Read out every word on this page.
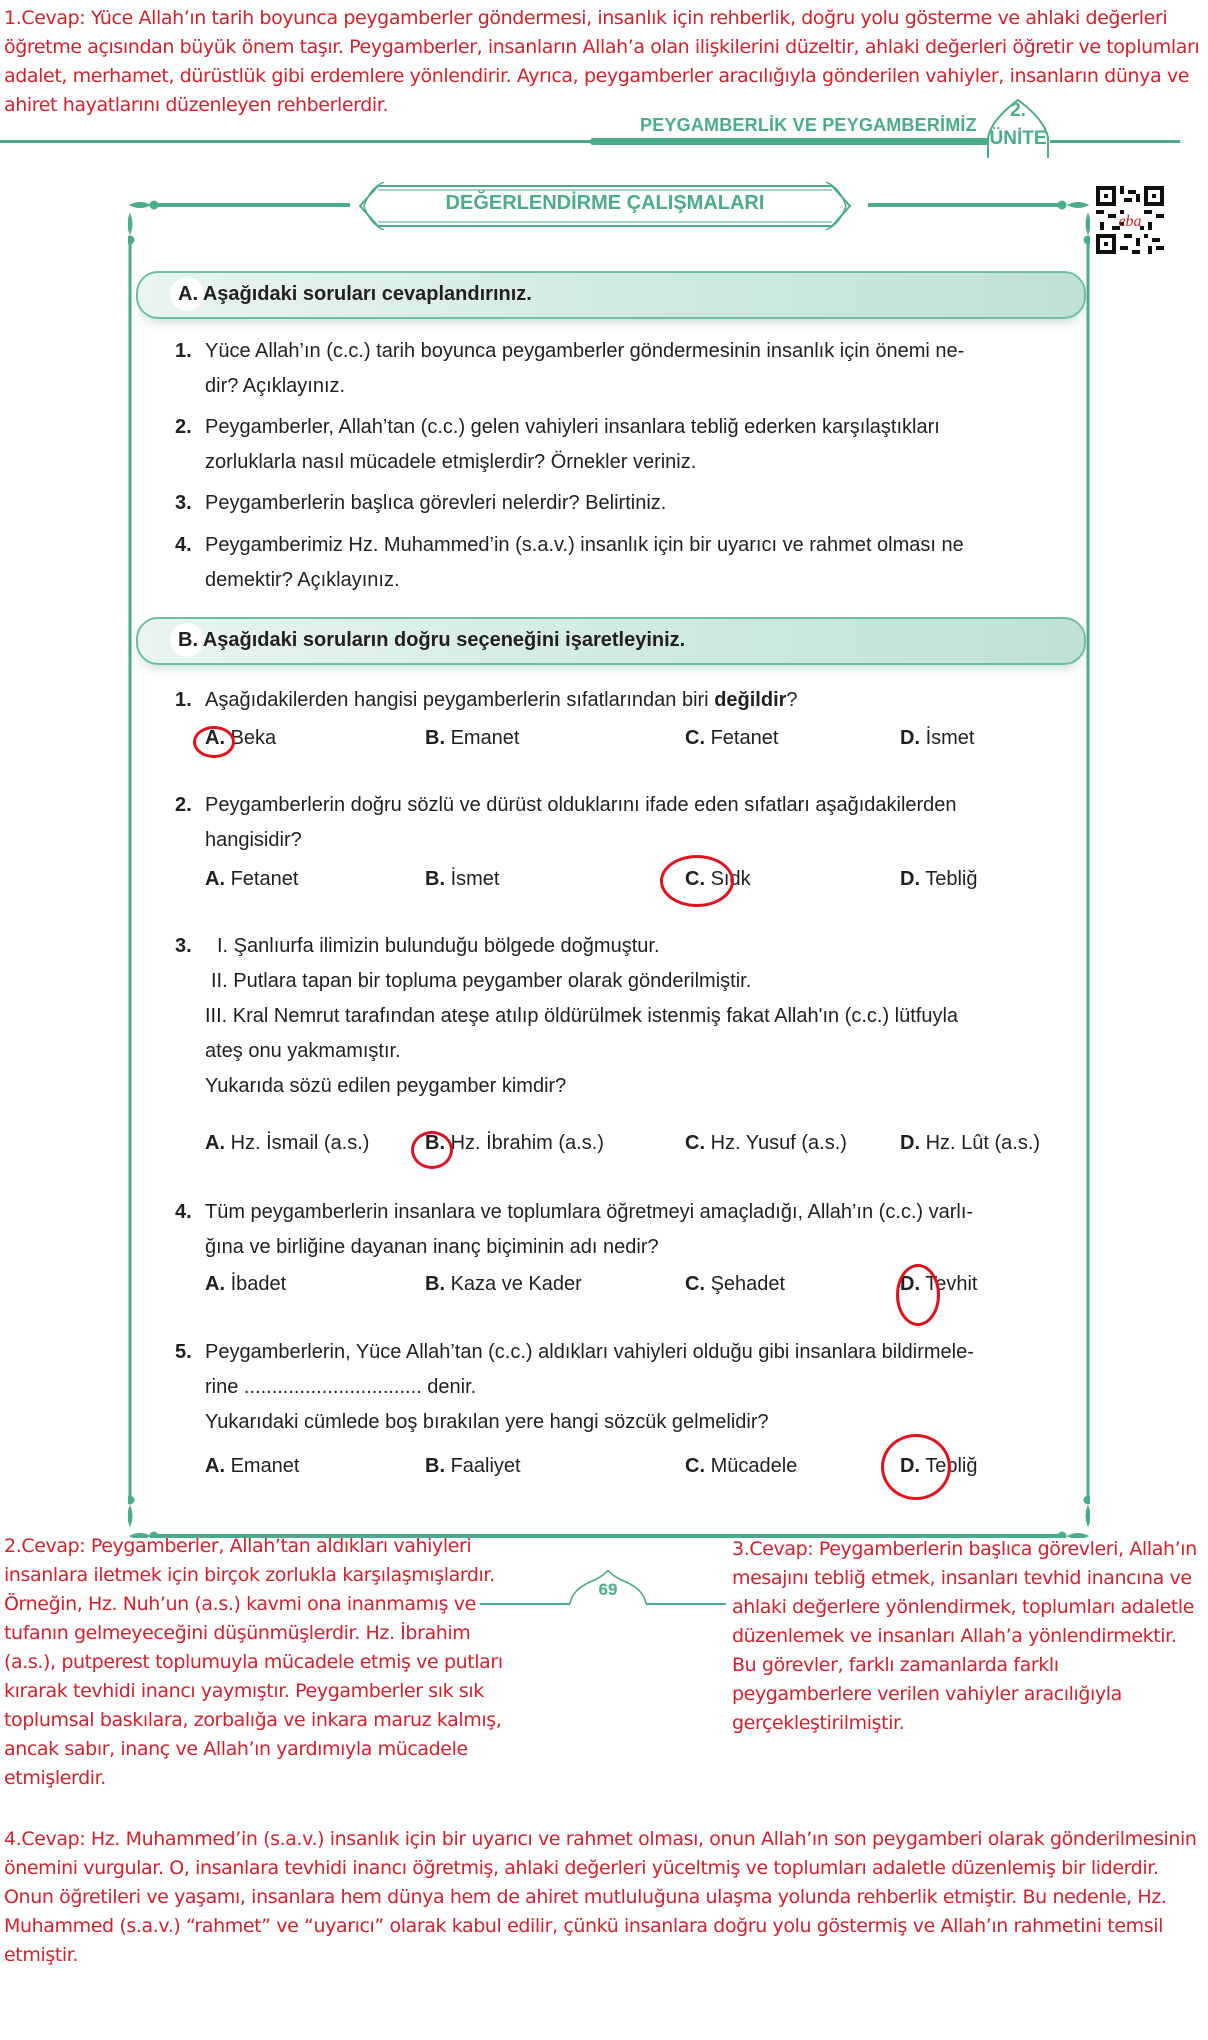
1.Cevap: Yüce Allah’ın tarih boyunca peygamberler göndermesi, insanlık için rehberlik, doğru yolu gösterme ve ahlaki değerleri öğretme açısından büyük önem taşır. Peygamberler, insanların Allah’a olan ilişkilerini düzeltir, ahlaki değerleri öğretir ve toplumları adalet, merhamet, dürüstlük gibi erdemlere yönlendirir. Ayrıca, peygamberler aracılığıyla gönderilen vahiyler, insanların dünya ve ahiret hayatlarını düzenleyen rehberlerdir.
PEYGAMBERLİK VE PEYGAMBERİMİZ
2.
ÜNİTE
DEĞERLENDİRME ÇALIŞMALARI
eba
A. Aşağıdaki soruları cevaplandırınız.
1. Yüce Allah’ın (c.c.) tarih boyunca peygamberler göndermesinin insanlık için önemi ne-
dir? Açıklayınız.
2. Peygamberler, Allah’tan (c.c.) gelen vahiyleri insanlara tebliğ ederken karşılaştıkları
zorluklarla nasıl mücadele etmişlerdir? Örnekler veriniz.
3. Peygamberlerin başlıca görevleri nelerdir? Belirtiniz.
4. Peygamberimiz Hz. Muhammed’in (s.a.v.) insanlık için bir uyarıcı ve rahmet olması ne
demektir? Açıklayınız.
B. Aşağıdaki soruların doğru seçeneğini işaretleyiniz.
1. Aşağıdakilerden hangisi peygamberlerin sıfatlarından biri değildir?
A. Beka	B. Emanet	C. Fetanet	D. İsmet
2. Peygamberlerin doğru sözlü ve dürüst olduklarını ifade eden sıfatları aşağıdakilerden
hangisidir?
A. Fetanet	B. İsmet	C. Sıdk	D. Tebliğ
3. I. Şanlıurfa ilimizin bulunduğu bölgede doğmuştur.
II. Putlara tapan bir topluma peygamber olarak gönderilmiştir.
III. Kral Nemrut tarafından ateşe atılıp öldürülmek istenmiş fakat Allah'ın (c.c.) lütfuyla
ateş onu yakmamıştır.
Yukarıda sözü edilen peygamber kimdir?
A. Hz. İsmail (a.s.)	B. Hz. İbrahim (a.s.)	C. Hz. Yusuf (a.s.)	D. Hz. Lût (a.s.)
4. Tüm peygamberlerin insanlara ve toplumlara öğretmeyi amaçladığı, Allah’ın (c.c.) varlı-
ğına ve birliğine dayanan inanç biçiminin adı nedir?
A. İbadet	B. Kaza ve Kader	C. Şehadet	D. Tevhit
5. Peygamberlerin, Yüce Allah’tan (c.c.) aldıkları vahiyleri olduğu gibi insanlara bildirmele-
rine ................................ denir.
Yukarıdaki cümlede boş bırakılan yere hangi sözcük gelmelidir?
A. Emanet	B. Faaliyet	C. Mücadele	D. Tebliğ
69
2.Cevap: Peygamberler, Allah’tan aldıkları vahiyleri insanlara iletmek için birçok zorlukla karşılaşmışlardır. Örneğin, Hz. Nuh’un (a.s.) kavmi ona inanmamış ve tufanın gelmeyeceğini düşünmüşlerdir. Hz. İbrahim (a.s.), putperest toplumuyla mücadele etmiş ve putları kırarak tevhidi inancı yaymıştır. Peygamberler sık sık toplumsal baskılara, zorbalığa ve inkara maruz kalmış, ancak sabır, inanç ve Allah’ın yardımıyla mücadele etmişlerdir.
3.Cevap: Peygamberlerin başlıca görevleri, Allah’ın mesajını tebliğ etmek, insanları tevhid inancına ve ahlaki değerlere yönlendirmek, toplumları adaletle düzenlemek ve insanları Allah’a yönlendirmektir. Bu görevler, farklı zamanlarda farklı peygamberlere verilen vahiyler aracılığıyla gerçekleştirilmiştir.
4.Cevap: Hz. Muhammed’in (s.a.v.) insanlık için bir uyarıcı ve rahmet olması, onun Allah’ın son peygamberi olarak gönderilmesinin önemini vurgular. O, insanlara tevhidi inancı öğretmiş, ahlaki değerleri yüceltmiş ve toplumları adaletle düzenlemiş bir liderdir. Onun öğretileri ve yaşamı, insanlara hem dünya hem de ahiret mutluluğuna ulaşma yolunda rehberlik etmiştir. Bu nedenle, Hz. Muhammed (s.a.v.) “rahmet” ve “uyarıcı” olarak kabul edilir, çünkü insanlara doğru yolu göstermiş ve Allah’ın rahmetini temsil etmiştir.
